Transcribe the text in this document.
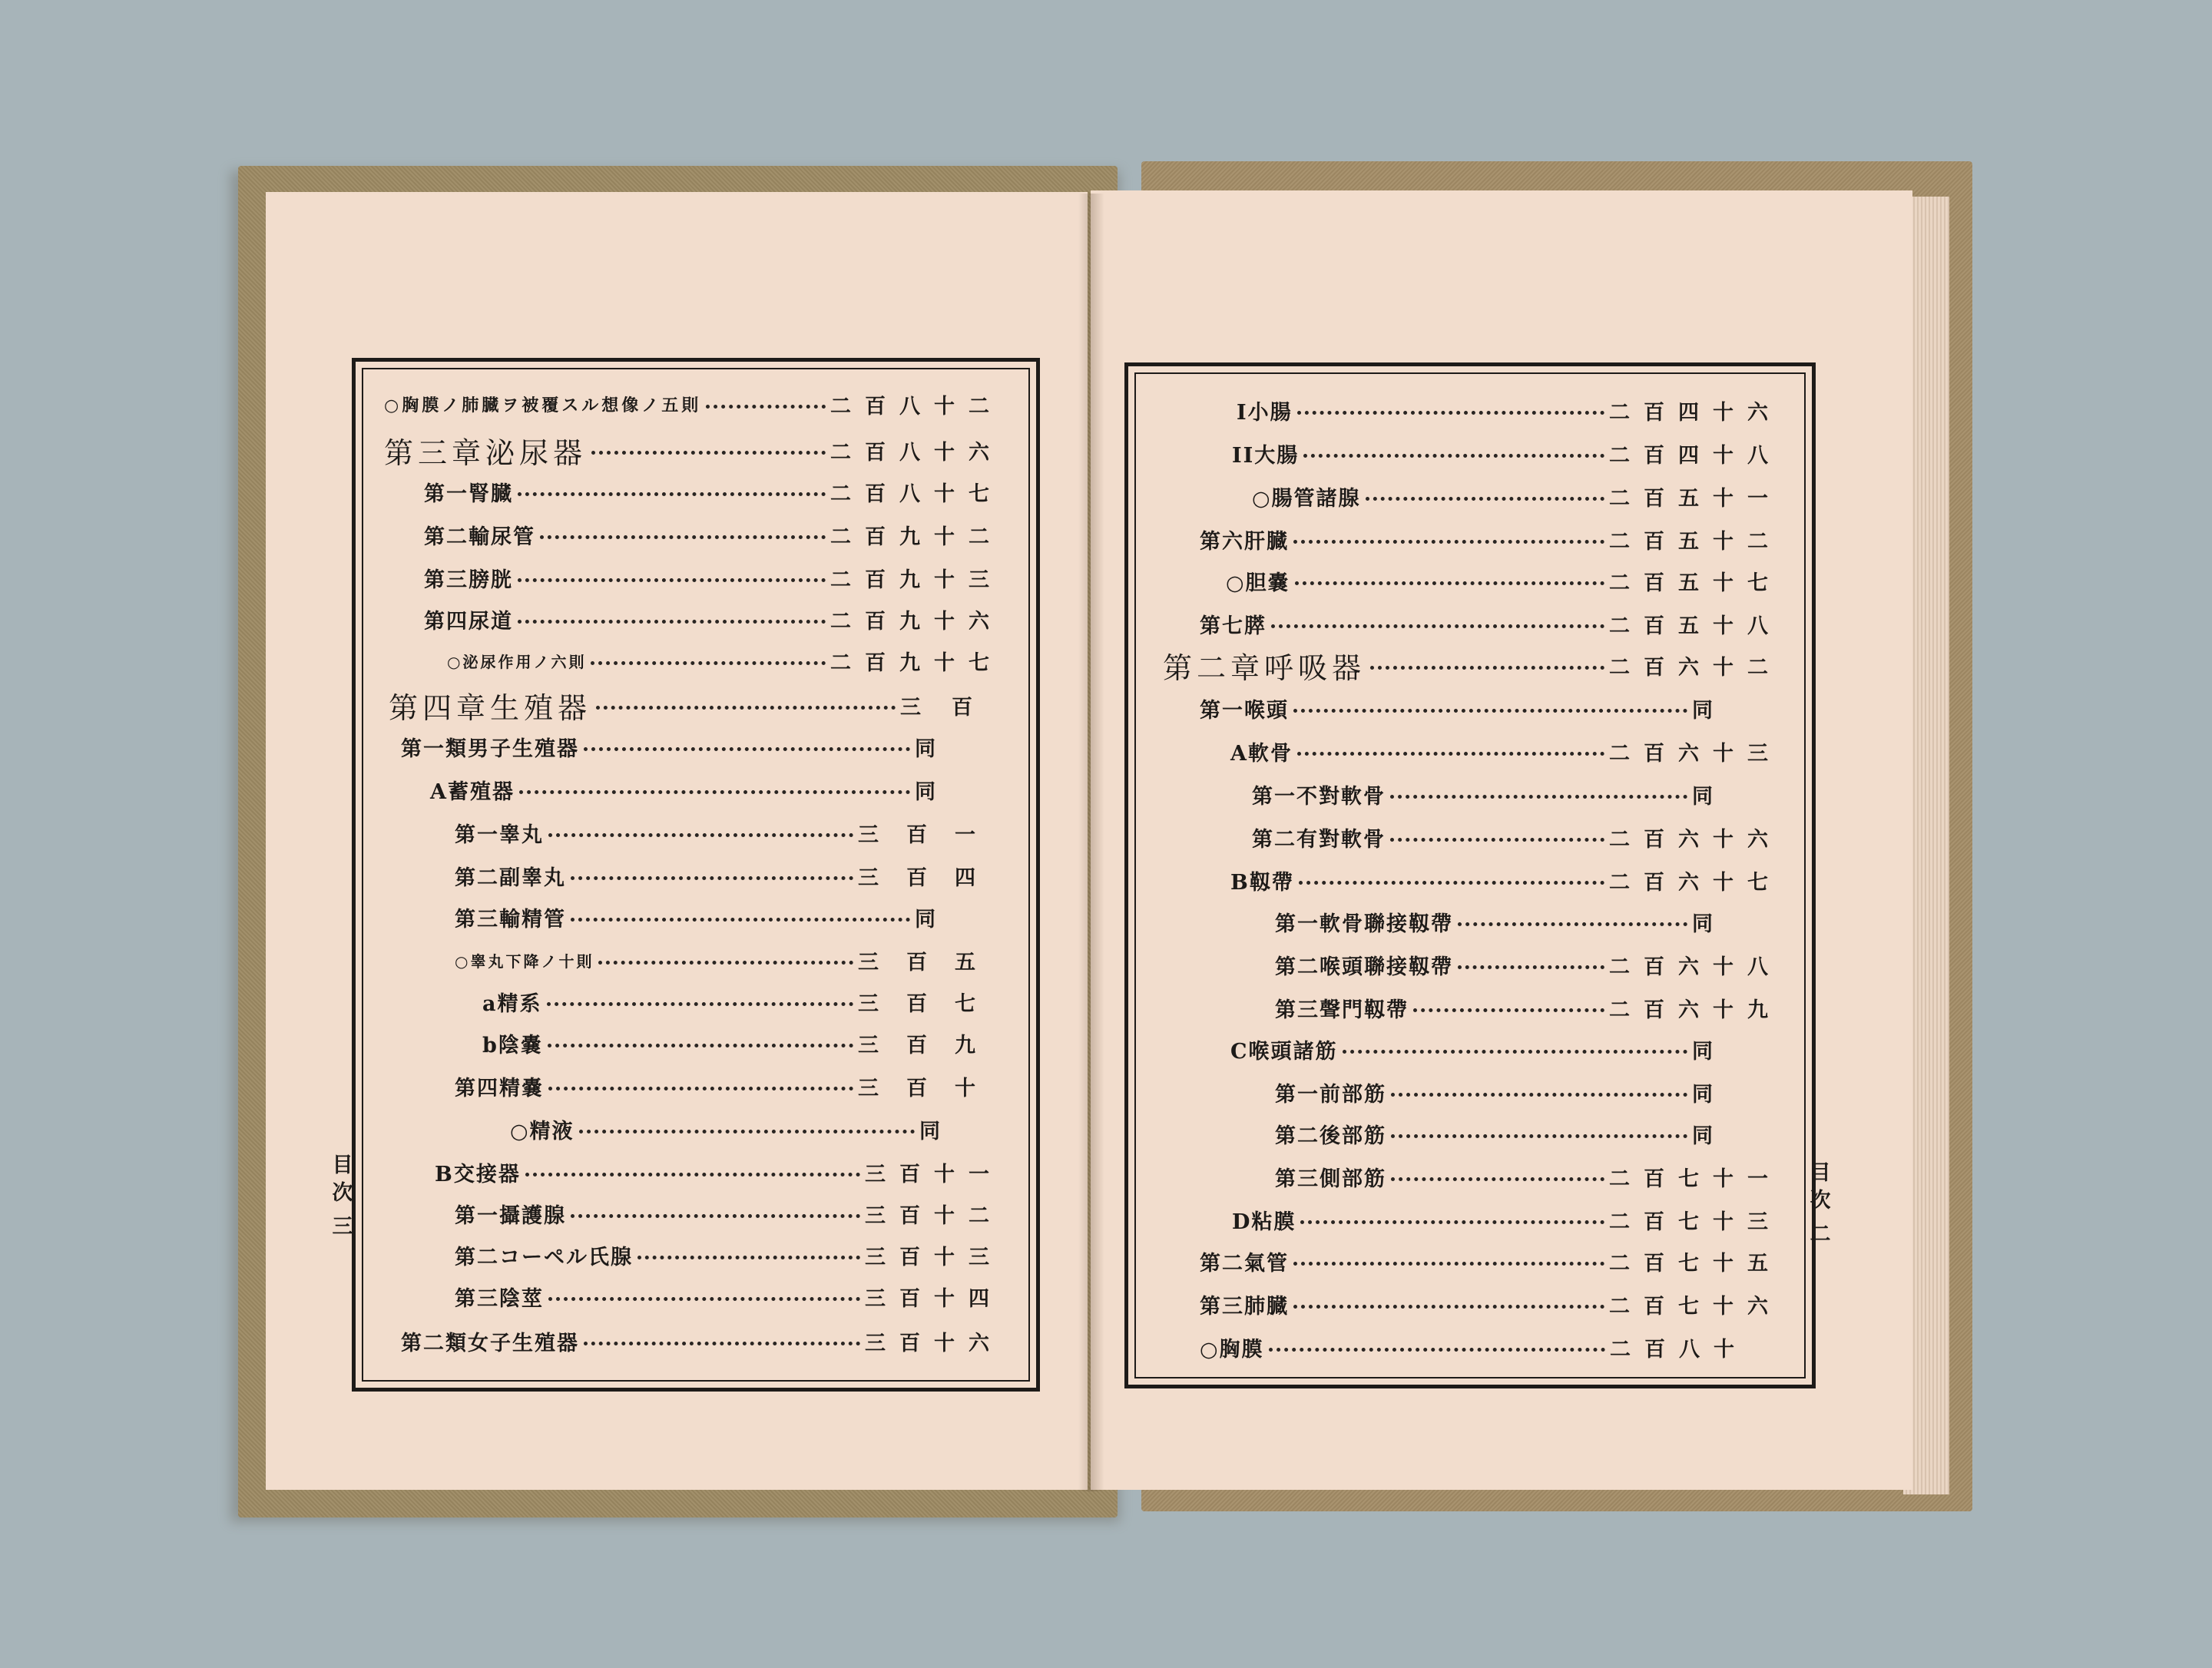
○胸膜ノ肺臓ヲ被覆スル想像ノ五則	二百八十二
第三章泌尿器	二百八十六
第一腎臓	二百八十七
第二輸尿管	二百九十二
第三膀胱	二百九十三
第四尿道	二百九十六
○泌尿作用ノ六則	二百九十七
第四章生殖器	三百
第一類男子生殖器	同
A蓄殖器	同
第一睾丸	三百一
第二副睾丸	三百四
第三輸精管	同
○睾丸下降ノ十則	三百五
a精系	三百七
b陰嚢	三百九
第四精嚢	三百十
○精液	同
B交接器	三百十一
第一攝護腺	三百十二
第二コーペル氏腺	三百十三
第三陰莖	三百十四
第二類女子生殖器	三百十六
目
次
三
I小腸	二百四十六
II大腸	二百四十八
○腸管諸腺	二百五十一
第六肝臓	二百五十二
○胆嚢	二百五十七
第七膵	二百五十八
第二章呼吸器	二百六十二
第一喉頭	同
A軟骨	二百六十三
第一不對軟骨	同
第二有對軟骨	二百六十六
B靱帶	二百六十七
第一軟骨聯接靱帶	同
第二喉頭聯接靱帶	二百六十八
第三聲門靱帶	二百六十九
C喉頭諸筋	同
第一前部筋	同
第二後部筋	同
第三側部筋	二百七十一
D粘膜	二百七十三
第二氣管	二百七十五
第三肺臓	二百七十六
○胸膜	二百八十
目
次
二
